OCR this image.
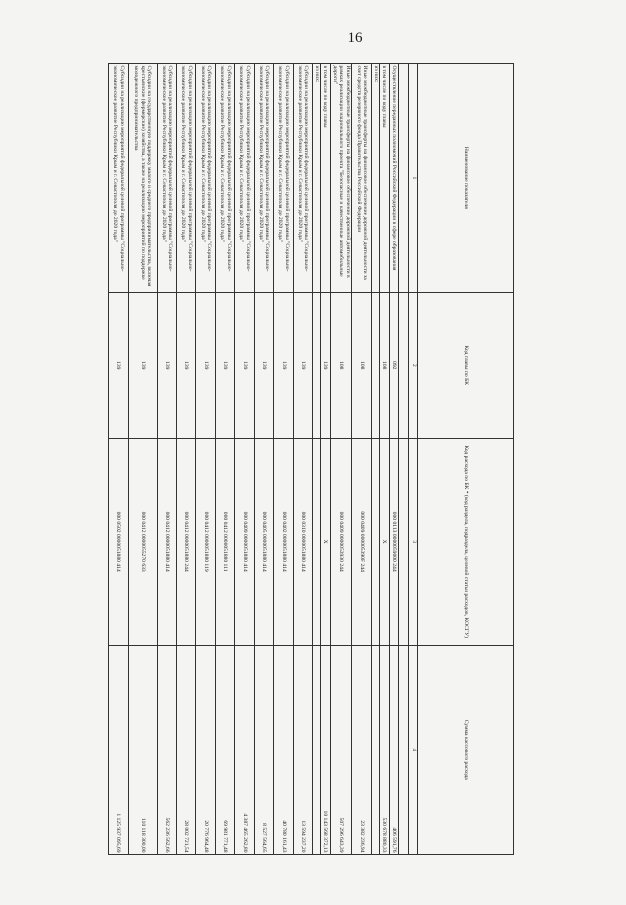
16
Наименование показателя	Код главы по БК	Код расхода по БК * (код раздела, подраздела, целевой статьи расходов, КОСГУ)	Сумма кассового расхода
1	2	3	4

Осуществление переданных полномочий Российской Федерации в сфере образования	092	000 0113 0000059000 244	406 591,76
в том числе по коду главы	108	X	530 678 880,33
из них:			
Иные межбюджетные трансферты на финансовое обеспечение дорожной деятельности за счет средств резервного фонда Правительства Российской Федерации	108	000 0409 000005390F 244	23 382 236,94
Иные межбюджетные трансферты на финансовое обеспечение дорожной деятельности в рамках реализации национального проекта "Безопасные и качественные автомобильные дороги"	108	000 0409 0000053930 244	507 296 643,39
в том числе по коду главы	139	X	10 143 568 372,13
из них:			
Субсидии на реализацию мероприятий федеральной целевой программы "Социально-экономическое развитие Республики Крым и г. Севастополя до 2020 года"	139	000 0310 0000051880 414	13 594 237,20
Субсидии на реализацию мероприятий федеральной целевой программы "Социально-экономическое развитие Республики Крым и г. Севастополя до 2020 года"	139	000 0402 0000051880 414	40 780 161,43
Субсидии на реализацию мероприятий федеральной целевой программы "Социально-экономическое развитие Республики Крым и г. Севастополя до 2020 года"	139	000 0405 0000051880 414	8 527 564,65
Субсидии на реализацию мероприятий федеральной целевой программы "Социально-экономическое развитие Республики Крым и г. Севастополя до 2020 года"	139	000 0409 0000051880 414	4 387 465 262,80
Субсидии на реализацию мероприятий федеральной целевой программы "Социально-экономическое развитие Республики Крым и г. Севастополя до 2020 года"	139	000 0412 0000051880 111	69 981 771,48
Субсидии на реализацию мероприятий федеральной целевой программы "Социально-экономическое развитие Республики Крым и г. Севастополя до 2020 года"	139	000 0412 0000051880 119	20 776 964,48
Субсидии на реализацию мероприятий федеральной целевой программы "Социально-экономическое развитие Республики Крым и г. Севастополя до 2020 года"	139	000 0412 0000051880 244	28 002 721,54
Субсидии на реализацию мероприятий федеральной целевой программы "Социально-экономическое развитие Республики Крым и г. Севастополя до 2020 года"	139	000 0412 0000051880 414	562 236 562,66
Субсидии на государственную поддержку малого и среднего предпринимательства, включая крестьянские (фермерские) хозяйства, а также на реализацию мероприятий по поддержке молодежного предпринимательства	139	000 0412 0000055270 633	110 118 300,00
Субсидии на реализацию мероприятий федеральной целевой программы "Социально-экономическое развитие Республики Крым и г. Севастополя до 2020 года"	139	000 0502 0000051880 414	1 125 937 095,69
